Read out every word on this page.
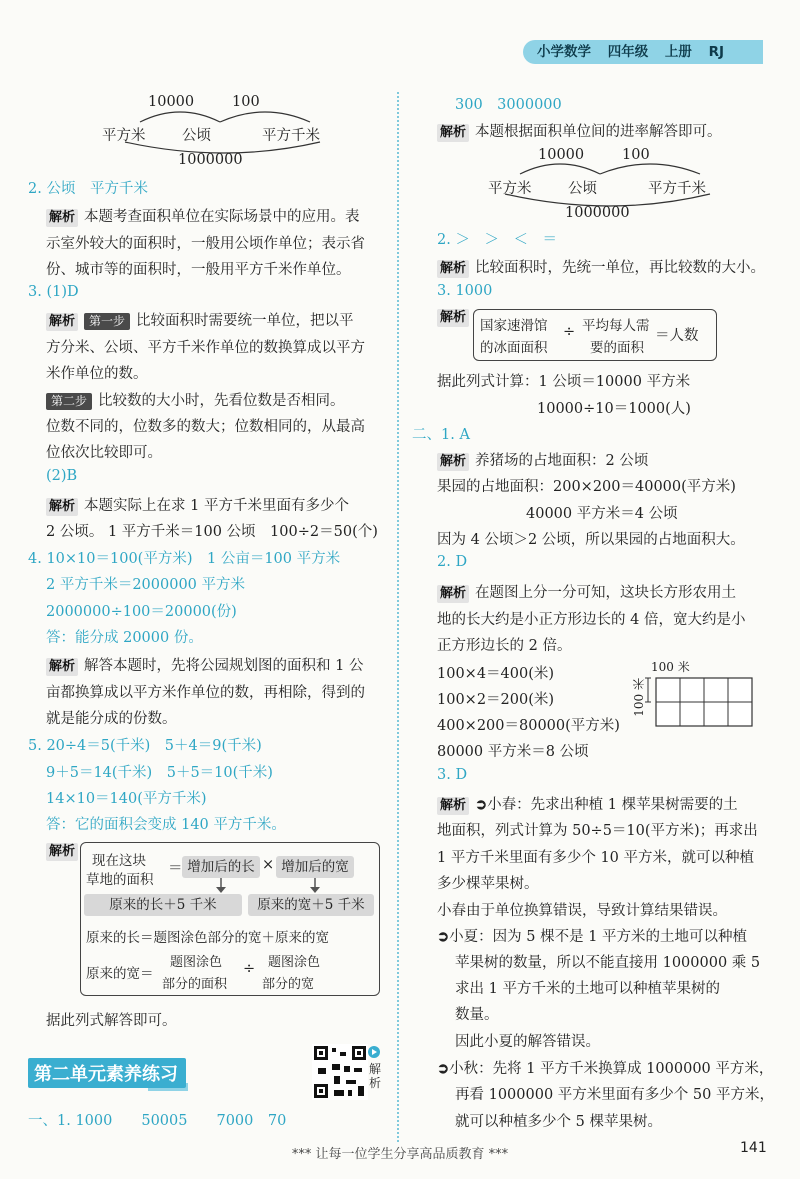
小学数学 四年级 上册 RJ
10000	100
平方米	公顷	平方千米
1000000
2. 公顷　平方千米
解析 本题考查面积单位在实际场景中的应用。表
示室外较大的面积时，一般用公顷作单位；表示省
份、城市等的面积时，一般用平方千米作单位。
3. (1)D
解析 第一步 比较面积时需要统一单位，把以平
方分米、公顷、平方千米作单位的数换算成以平方
米作单位的数。
第二步 比较数的大小时，先看位数是否相同。
位数不同的，位数多的数大；位数相同的，从最高
位依次比较即可。
(2)B
解析 本题实际上在求 1 平方千米里面有多少个
2 公顷。 1 平方千米＝100 公顷　100÷2＝50(个)
4. 10×10＝100(平方米)　1 公亩＝100 平方米
2 平方千米＝2000000 平方米
2000000÷100＝20000(份)
答：能分成 20000 份。
解析 解答本题时，先将公园规划图的面积和 1 公
亩都换算成以平方米作单位的数，再相除，得到的
就是能分成的份数。
5. 20÷4＝5(千米)　5＋4＝9(千米)
9＋5＝14(千米)　5＋5＝10(千米)
14×10＝140(平方千米)
答：它的面积会变成 140 平方千米。
解析
现在这块
草地的面积
＝ 增加后的长 × 增加后的宽
原来的长＋5 千米	原来的宽＋5 千米
原来的长＝题图涂色部分的宽＋原来的宽
原来的宽＝
题图涂色
部分的面积
÷ 题图涂色
部分的宽
据此列式解答即可。
第二单元素养练习	解析
一、1. 1000　　50005　　7000　70
300　3000000
解析 本题根据面积单位间的进率解答即可。
10000	100
平方米	公顷	平方千米
1000000
2. ＞　＞　＜　＝
解析 比较面积时，先统一单位，再比较数的大小。
3. 1000
解析
国家速滑馆
的冰面面积
÷ 平均每人需
要的面积
＝人数
据此列式计算：1 公顷＝10000 平方米
10000÷10＝1000(人)
二、1. A
解析 养猪场的占地面积：2 公顷
果园的占地面积：200×200＝40000(平方米)
40000 平方米＝4 公顷
因为 4 公顷＞2 公顷，所以果园的占地面积大。
2. D
解析 在题图上分一分可知，这块长方形农用土
地的长大约是小正方形边长的 4 倍，宽大约是小
正方形边长的 2 倍。
100×4＝400(米)
100×2＝200(米)
400×200＝80000(平方米)
80000 平方米＝8 公顷
100 米
100 米
3. D
解析 ➲小春：先求出种植 1 棵苹果树需要的土
地面积，列式计算为 50÷5＝10(平方米)；再求出
1 平方千米里面有多少个 10 平方米，就可以种植
多少棵苹果树。
小春由于单位换算错误，导致计算结果错误。
➲小夏：因为 5 棵不是 1 平方米的土地可以种植
苹果树的数量，所以不能直接用 1000000 乘 5
求出 1 平方千米的土地可以种植苹果树的
数量。
因此小夏的解答错误。
➲小秋：先将 1 平方千米换算成 1000000 平方米，
再看 1000000 平方米里面有多少个 50 平方米，
就可以种植多少个 5 棵苹果树。
*** 让每一位学生分享高品质教育 ***	141
